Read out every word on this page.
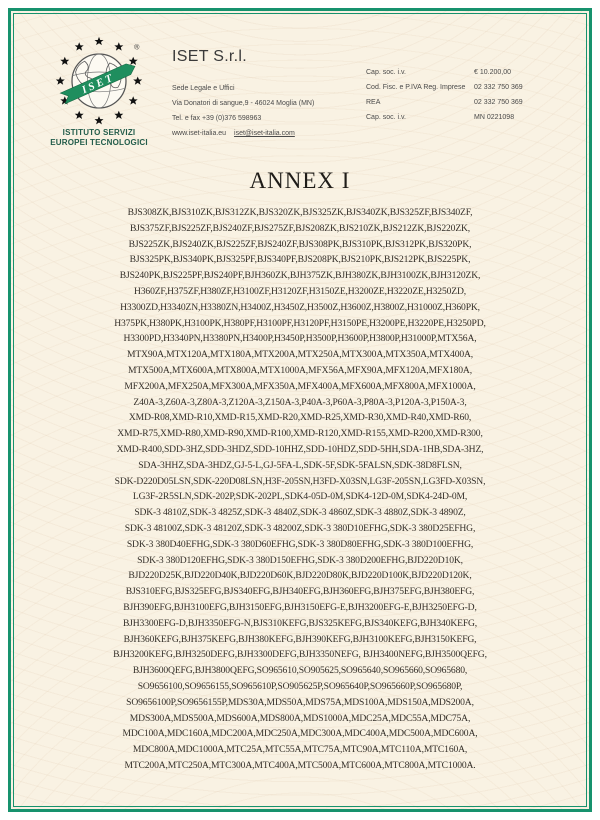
ISET
®
ISTITUTO SERVIZI
EUROPEI TECNOLOGICI
ISET S.r.l.
Sede Legale e Uffici
Via Donatori di sangue,9 - 46024 Moglia (MN)
Tel. e fax +39 (0)376 598963
www.iset-italia.eu iset@iset-italia.com
Cap. soc. i.v.	€ 10.200,00
Cod. Fisc. e P.IVA Reg. Imprese	02 332 750 369
REA	02 332 750 369
Cap. soc. i.v.	MN 0221098
ANNEX I
BJS308ZK,BJS310ZK,BJS312ZK,BJS320ZK,BJS325ZK,BJS340ZK,BJS325ZF,BJS340ZF,
BJS375ZF,BJS225ZF,BJS240ZF,BJS275ZF,BJS208ZK,BJS210ZK,BJS212ZK,BJS220ZK,
BJS225ZK,BJS240ZK,BJS225ZF,BJS240ZF,BJS308PK,BJS310PK,BJS312PK,BJS320PK,
BJS325PK,BJS340PK,BJS325PF,BJS340PF,BJS208PK,BJS210PK,BJS212PK,BJS225PK,
BJS240PK,BJS225PF,BJS240PF,BJH360ZK,BJH375ZK,BJH380ZK,BJH3100ZK,BJH3120ZK,
H360ZF,H375ZF,H380ZF,H3100ZF,H3120ZF,H3150ZE,H3200ZE,H3220ZE,H3250ZD,
H3300ZD,H3340ZN,H3380ZN,H3400Z,H3450Z,H3500Z,H3600Z,H3800Z,H31000Z,H360PK,
H375PK,H380PK,H3100PK,H380PF,H3100PF,H3120PF,H3150PE,H3200PE,H3220PE,H3250PD,
H3300PD,H3340PN,H3380PN,H3400P,H3450P,H3500P,H3600P,H3800P,H31000P,MTX56A,
MTX90A,MTX120A,MTX180A,MTX200A,MTX250A,MTX300A,MTX350A,MTX400A,
MTX500A,MTX600A,MTX800A,MTX1000A,MFX56A,MFX90A,MFX120A,MFX180A,
MFX200A,MFX250A,MFX300A,MFX350A,MFX400A,MFX600A,MFX800A,MFX1000A,
Z40A-3,Z60A-3,Z80A-3,Z120A-3,Z150A-3,P40A-3,P60A-3,P80A-3,P120A-3,P150A-3,
XMD-R08,XMD-R10,XMD-R15,XMD-R20,XMD-R25,XMD-R30,XMD-R40,XMD-R60,
XMD-R75,XMD-R80,XMD-R90,XMD-R100,XMD-R120,XMD-R155,XMD-R200,XMD-R300,
XMD-R400,SDD-3HZ,SDD-3HDZ,SDD-10HHZ,SDD-10HDZ,SDD-5HH,SDA-1HB,SDA-3HZ,
SDA-3HHZ,SDA-3HDZ,GJ-5-L,GJ-5FA-L,SDK-5F,SDK-5FALSN,SDK-38D8FLSN,
SDK-D220D05LSN,SDK-220D08LSN,H3F-205SN,H3FD-X03SN,LG3F-205SN,LG3FD-X03SN,
LG3F-2R5SLN,SDK-202P,SDK-202PL,SDK4-05D-0M,SDK4-12D-0M,SDK4-24D-0M,
SDK-3 4810Z,SDK-3 4825Z,SDK-3 4840Z,SDK-3 4860Z,SDK-3 4880Z,SDK-3 4890Z,
SDK-3 48100Z,SDK-3 48120Z,SDK-3 48200Z,SDK-3 380D10EFHG,SDK-3 380D25EFHG,
SDK-3 380D40EFHG,SDK-3 380D60EFHG,SDK-3 380D80EFHG,SDK-3 380D100EFHG,
SDK-3 380D120EFHG,SDK-3 380D150EFHG,SDK-3 380D200EFHG,BJD220D10K,
BJD220D25K,BJD220D40K,BJD220D60K,BJD220D80K,BJD220D100K,BJD220D120K,
BJS310EFG,BJS325EFG,BJS340EFG,BJH340EFG,BJH360EFG,BJH375EFG,BJH380EFG,
BJH390EFG,BJH3100EFG,BJH3150EFG,BJH3150EFG-E,BJH3200EFG-E,BJH3250EFG-D,
BJH3300EFG-D,BJH3350EFG-N,BJS310KEFG,BJS325KEFG,BJS340KEFG,BJH340KEFG,
BJH360KEFG,BJH375KEFG,BJH380KEFG,BJH390KEFG,BJH3100KEFG,BJH3150KEFG,
BJH3200KEFG,BJH3250DEFG,BJH3300DEFG,BJH3350NEFG, BJH3400NEFG,BJH3500QEFG,
BJH3600QEFG,BJH3800QEFG,SO965610,SO905625,SO965640,SO965660,SO965680,
SO9656100,SO9656155,SO965610P,SO905625P,SO965640P,SO965660P,SO965680P,
SO9656100P,SO9656155P,MDS30A,MDS50A,MDS75A,MDS100A,MDS150A,MDS200A,
MDS300A,MDS500A,MDS600A,MDS800A,MDS1000A,MDC25A,MDC55A,MDC75A,
MDC100A,MDC160A,MDC200A,MDC250A,MDC300A,MDC400A,MDC500A,MDC600A,
MDC800A,MDC1000A,MTC25A,MTC55A,MTC75A,MTC90A,MTC110A,MTC160A,
MTC200A,MTC250A,MTC300A,MTC400A,MTC500A,MTC600A,MTC800A,MTC1000A.
